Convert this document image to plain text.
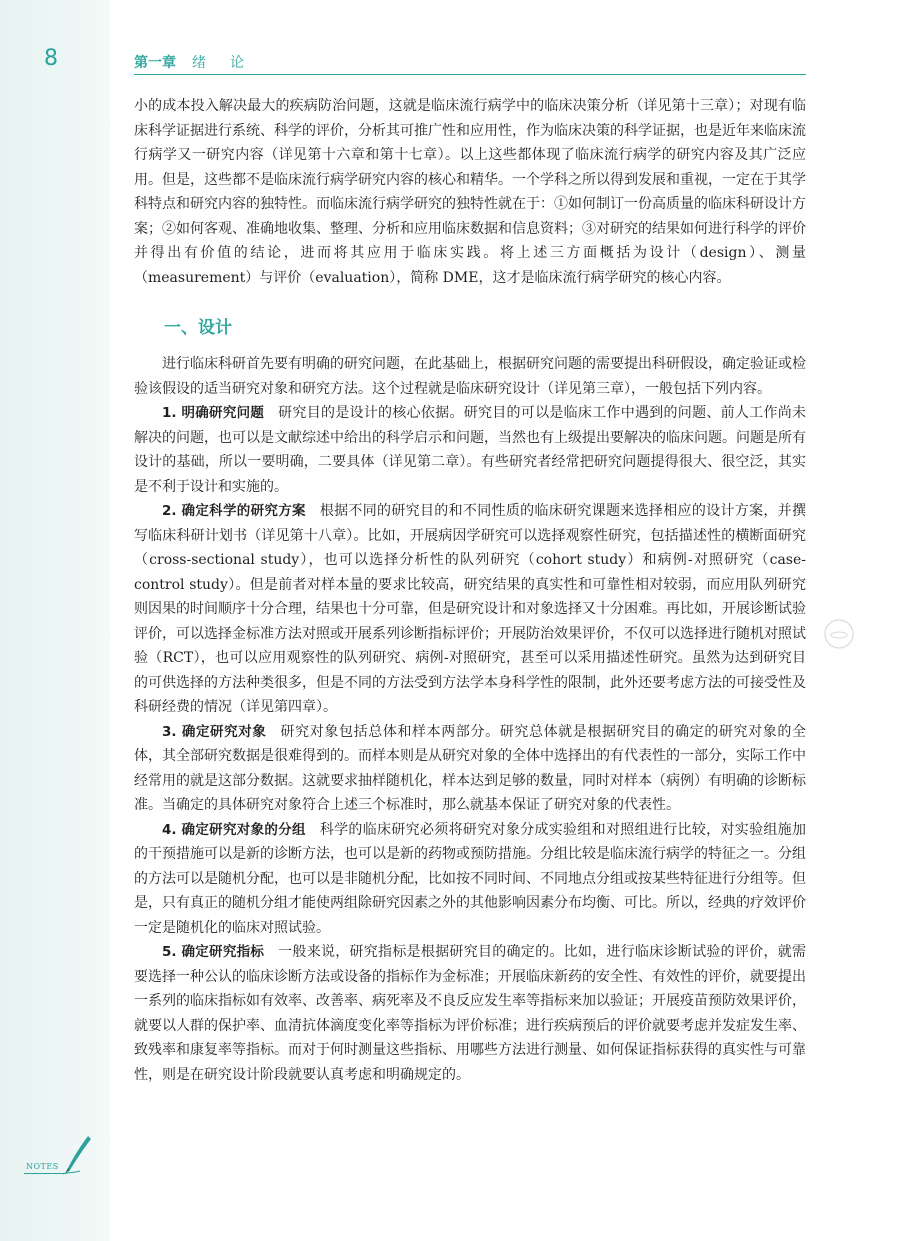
8	第一章 绪论

小的成本投入解决最大的疾病防治问题，这就是临床流行病学中的临床决策分析（详见第十三章）；对现有临床科学证据进行系统、科学的评价，分析其可推广性和应用性，作为临床决策的科学证据，也是近年来临床流行病学又一研究内容（详见第十六章和第十七章）。以上这些都体现了临床流行病学的研究内容及其广泛应用。但是，这些都不是临床流行病学研究内容的核心和精华。一个学科之所以得到发展和重视，一定在于其学科特点和研究内容的独特性。而临床流行病学研究的独特性就在于：①如何制订一份高质量的临床科研设计方案；②如何客观、准确地收集、整理、分析和应用临床数据和信息资料；③对研究的结果如何进行科学的评价并得出有价值的结论，进而将其应用于临床实践。将上述三方面概括为设计（design）、测量（measurement）与评价（evaluation），简称 DME，这才是临床流行病学研究的核心内容。

一、设计

进行临床科研首先要有明确的研究问题，在此基础上，根据研究问题的需要提出科研假设，确定验证或检验该假设的适当研究对象和研究方法。这个过程就是临床研究设计（详见第三章），一般包括下列内容。

1. 明确研究问题 研究目的是设计的核心依据。研究目的可以是临床工作中遇到的问题、前人工作尚未解决的问题，也可以是文献综述中给出的科学启示和问题，当然也有上级提出要解决的临床问题。问题是所有设计的基础，所以一要明确，二要具体（详见第二章）。有些研究者经常把研究问题提得很大、很空泛，其实是不利于设计和实施的。

2. 确定科学的研究方案 根据不同的研究目的和不同性质的临床研究课题来选择相应的设计方案，并撰写临床科研计划书（详见第十八章）。比如，开展病因学研究可以选择观察性研究，包括描述性的横断面研究（cross-sectional study），也可以选择分析性的队列研究（cohort study）和病例-对照研究（case-control study）。但是前者对样本量的要求比较高，研究结果的真实性和可靠性相对较弱，而应用队列研究则因果的时间顺序十分合理，结果也十分可靠，但是研究设计和对象选择又十分困难。再比如，开展诊断试验评价，可以选择金标准方法对照或开展系列诊断指标评价；开展防治效果评价，不仅可以选择进行随机对照试验（RCT），也可以应用观察性的队列研究、病例-对照研究，甚至可以采用描述性研究。虽然为达到研究目的可供选择的方法种类很多，但是不同的方法受到方法学本身科学性的限制，此外还要考虑方法的可接受性及科研经费的情况（详见第四章）。

3. 确定研究对象 研究对象包括总体和样本两部分。研究总体就是根据研究目的确定的研究对象的全体，其全部研究数据是很难得到的。而样本则是从研究对象的全体中选择出的有代表性的一部分，实际工作中经常用的就是这部分数据。这就要求抽样随机化，样本达到足够的数量，同时对样本（病例）有明确的诊断标准。当确定的具体研究对象符合上述三个标准时，那么就基本保证了研究对象的代表性。

4. 确定研究对象的分组 科学的临床研究必须将研究对象分成实验组和对照组进行比较，对实验组施加的干预措施可以是新的诊断方法，也可以是新的药物或预防措施。分组比较是临床流行病学的特征之一。分组的方法可以是随机分配，也可以是非随机分配，比如按不同时间、不同地点分组或按某些特征进行分组等。但是，只有真正的随机分组才能使两组除研究因素之外的其他影响因素分布均衡、可比。所以，经典的疗效评价一定是随机化的临床对照试验。

5. 确定研究指标 一般来说，研究指标是根据研究目的确定的。比如，进行临床诊断试验的评价，就需要选择一种公认的临床诊断方法或设备的指标作为金标准；开展临床新药的安全性、有效性的评价，就要提出一系列的临床指标如有效率、改善率、病死率及不良反应发生率等指标来加以验证；开展疫苗预防效果评价，就要以人群的保护率、血清抗体滴度变化率等指标为评价标准；进行疾病预后的评价就要考虑并发症发生率、致残率和康复率等指标。而对于何时测量这些指标、用哪些方法进行测量、如何保证指标获得的真实性与可靠性，则是在研究设计阶段就要认真考虑和明确规定的。

NOTES
